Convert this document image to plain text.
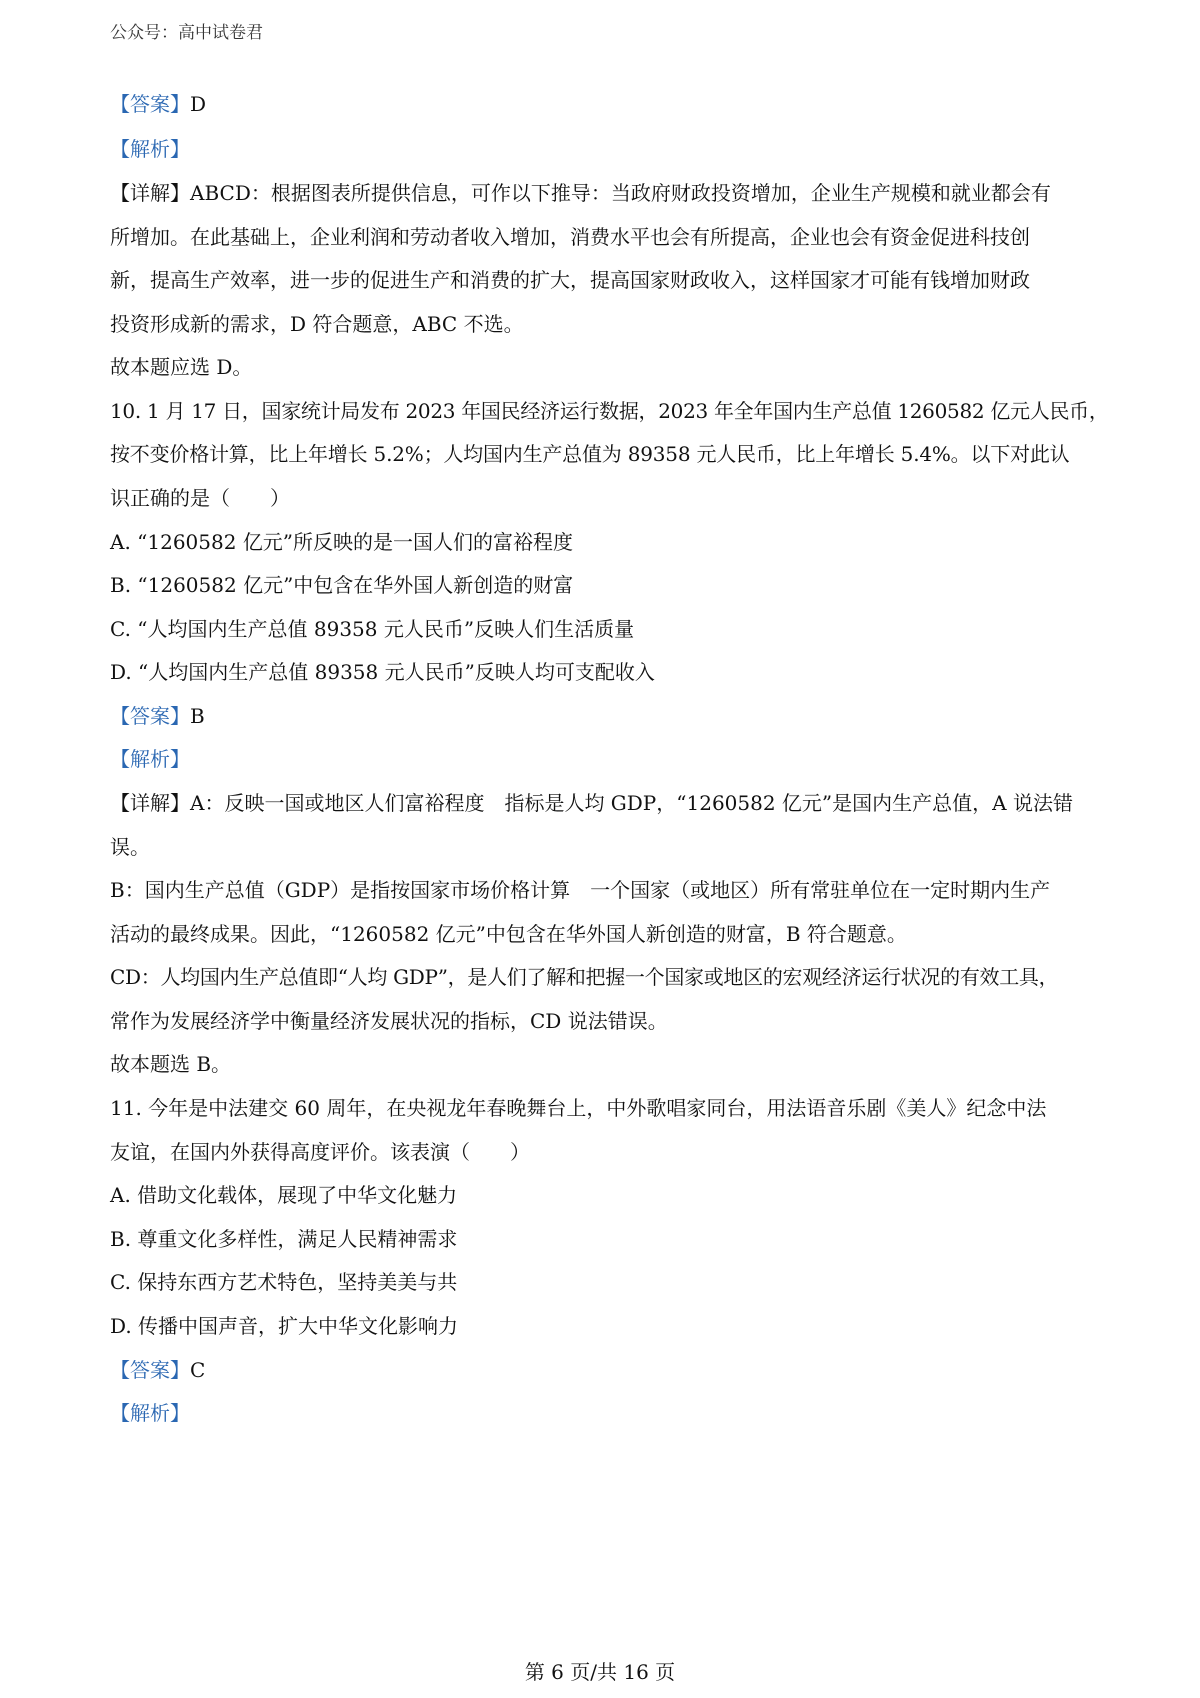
公众号：高中试卷君
【答案】D
【解析】
【详解】ABCD：根据图表所提供信息，可作以下推导：当政府财政投资增加，企业生产规模和就业都会有
所增加。在此基础上，企业利润和劳动者收入增加，消费水平也会有所提高，企业也会有资金促进科技创
新，提高生产效率，进一步的促进生产和消费的扩大，提高国家财政收入，这样国家才可能有钱增加财政
投资形成新的需求，D 符合题意，ABC 不选。
故本题应选 D。
10. 1 月 17 日，国家统计局发布 2023 年国民经济运行数据，2023 年全年国内生产总值 1260582 亿元人民币，
按不变价格计算，比上年增长 5.2%；人均国内生产总值为 89358 元人民币，比上年增长 5.4%。以下对此认
识正确的是（　　）
A. “1260582 亿元”所反映的是一国人们的富裕程度
B. “1260582 亿元”中包含在华外国人新创造的财富
C. “人均国内生产总值 89358 元人民币”反映人们生活质量
D. “人均国内生产总值 89358 元人民币”反映人均可支配收入
【答案】B
【解析】
【详解】A：反映一国或地区人们富裕程度　指标是人均 GDP，“1260582 亿元”是国内生产总值，A 说法错
误。
B：国内生产总值（GDP）是指按国家市场价格计算　一个国家（或地区）所有常驻单位在一定时期内生产
活动的最终成果。因此，“1260582 亿元”中包含在华外国人新创造的财富，B 符合题意。
CD：人均国内生产总值即“人均 GDP”，是人们了解和把握一个国家或地区的宏观经济运行状况的有效工具，
常作为发展经济学中衡量经济发展状况的指标，CD 说法错误。
故本题选 B。
11. 今年是中法建交 60 周年，在央视龙年春晚舞台上，中外歌唱家同台，用法语音乐剧《美人》纪念中法
友谊，在国内外获得高度评价。该表演（　　）
A. 借助文化载体，展现了中华文化魅力
B. 尊重文化多样性，满足人民精神需求
C. 保持东西方艺术特色，坚持美美与共
D. 传播中国声音，扩大中华文化影响力
【答案】C
【解析】
第 6 页/共 16 页
